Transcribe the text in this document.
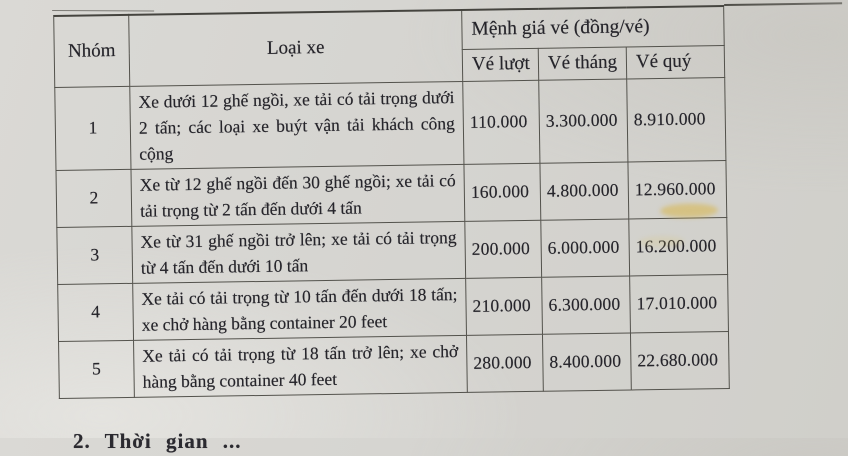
Nhóm	Loại xe	Mệnh giá vé (đồng/vé)		
		Vé lượt	Vé tháng	Vé quý
1	Xe dưới 12 ghế ngồi, xe tải có tải trọng dưới 2 tấn; các loại xe buýt vận tải khách công cộng	110.000	3.300.000	8.910.000
2	Xe từ 12 ghế ngồi đến 30 ghế ngồi; xe tải có tải trọng từ 2 tấn đến dưới 4 tấn	160.000	4.800.000	12.960.000
3	Xe từ 31 ghế ngồi trở lên; xe tải có tải trọng từ 4 tấn đến dưới 10 tấn	200.000	6.000.000	16.200.000
4	Xe tải có tải trọng từ 10 tấn đến dưới 18 tấn; xe chở hàng bằng container 20 feet	210.000	6.300.000	17.010.000
5	Xe tải có tải trọng từ 18 tấn trở lên; xe chở hàng bằng container 40 feet	280.000	8.400.000	22.680.000
2. Thời gian ...
